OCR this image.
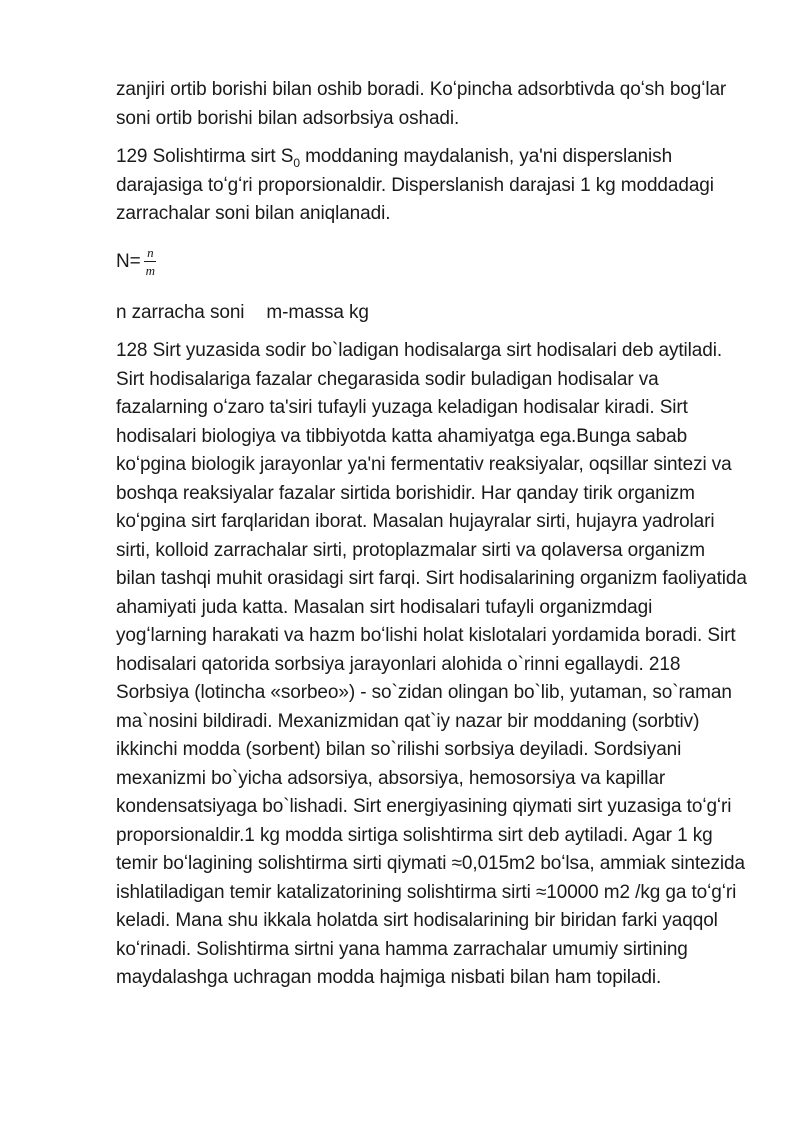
zanjiri ortib borishi bilan oshib boradi. Koʻpincha adsorbtivda qoʻsh bogʻlar soni ortib borishi bilan adsorbsiya oshadi.

129 Solishtirma sirt $S_0$ moddaning maydalanish, ya'ni disperslanish darajasiga toʻgʻri proporsionaldir. Disperslanish darajasi 1 kg moddadagi zarrachalar soni bilan aniqlanadi.

$N= \frac{n}{m}$

n zarracha soni m-massa kg

128 Sirt yuzasida sodir bo`ladigan hodisalarga sirt hodisalari deb aytiladi. Sirt hodisalariga fazalar chegarasida sodir buladigan hodisalar va fazalarning oʻzaro ta'siri tufayli yuzaga keladigan hodisalar kiradi. Sirt hodisalari biologiya va tibbiyotda katta ahamiyatga ega.Bunga sabab koʻpgina biologik jarayonlar ya'ni fermentativ reaksiyalar, oqsillar sintezi va boshqa reaksiyalar fazalar sirtida borishidir. Har qanday tirik organizm koʻpgina sirt farqlaridan iborat. Masalan hujayralar sirti, hujayra yadrolari sirti, kolloid zarrachalar sirti, protoplazmalar sirti va qolaversa organizm bilan tashqi muhit orasidagi sirt farqi. Sirt hodisalarining organizm faoliyatida ahamiyati juda katta. Masalan sirt hodisalari tufayli organizmdagi yogʻlarning harakati va hazm boʻlishi holat kislotalari yordamida boradi. Sirt hodisalari qatorida sorbsiya jarayonlari alohida o`rinni egallaydi. 218 Sorbsiya (lotincha «sorbeo») - so`zidan olingan bo`lib, yutaman, so`raman ma`nosini bildiradi. Mexanizmidan qat`iy nazar bir moddaning (sorbtiv) ikkinchi modda (sorbent) bilan so`rilishi sorbsiya deyiladi. Sordsiyani mexanizmi bo`yicha adsorsiya, absorsiya, hemosorsiya va kapillar kondensatsiyaga bo`lishadi. Sirt energiyasining qiymati sirt yuzasiga toʻgʻri proporsionaldir.1 kg modda sirtiga solishtirma sirt deb aytiladi. Agar 1 kg temir boʻlagining solishtirma sirti qiymati ≈0,015m2 boʻlsa, ammiak sintezida ishlatiladigan temir katalizatorining solishtirma sirti ≈10000 m2 /kg ga toʻgʻri keladi. Mana shu ikkala holatda sirt hodisalarining bir biridan farki yaqqol koʻrinadi. Solishtirma sirtni yana hamma zarrachalar umumiy sirtining maydalashga uchragan modda hajmiga nisbati bilan ham topiladi.
